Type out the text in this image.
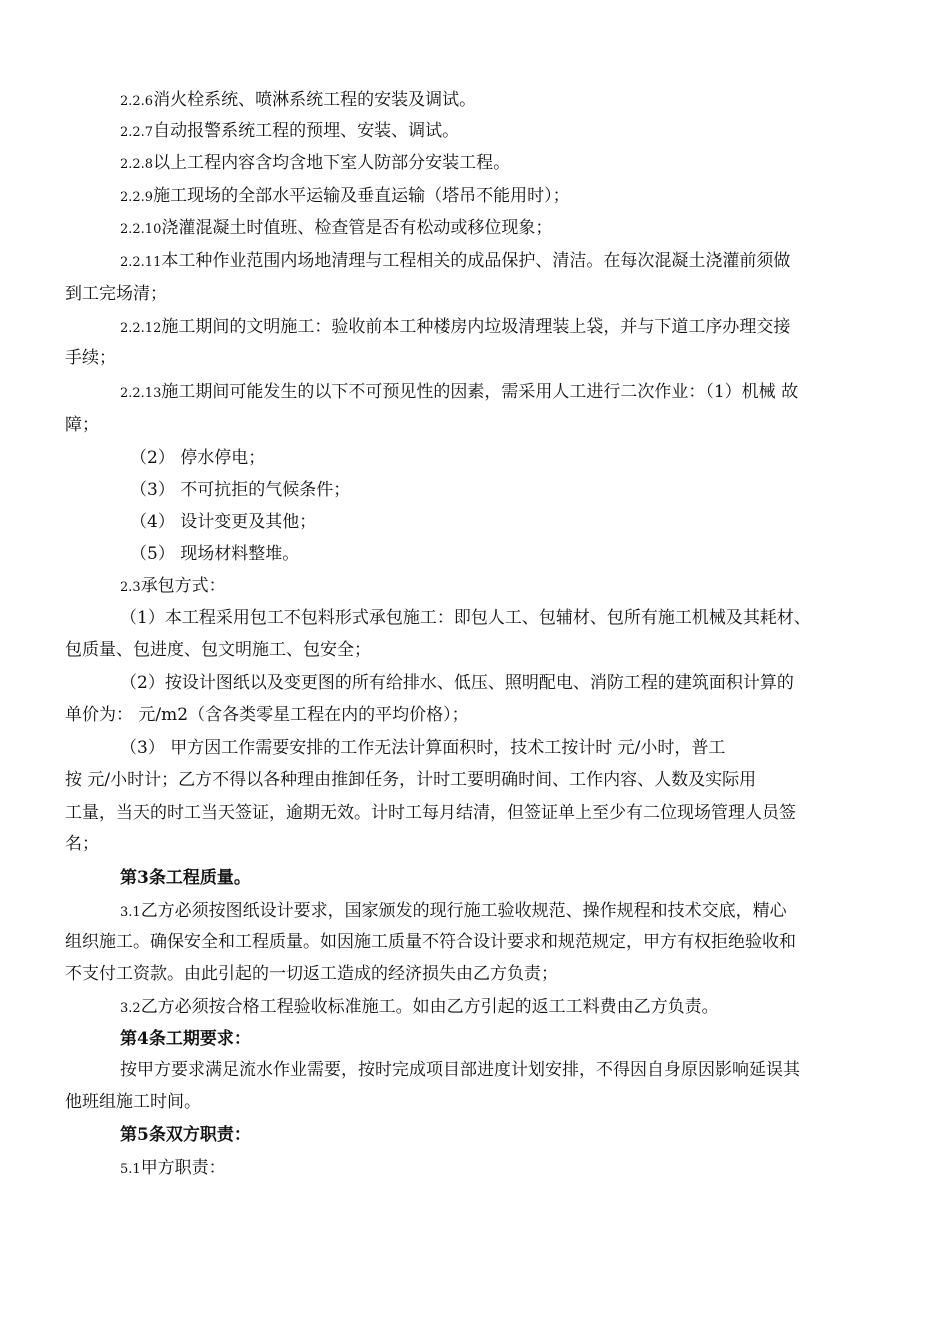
2.2.6消火栓系统、喷淋系统工程的安装及调试。
2.2.7自动报警系统工程的预埋、安装、调试。
2.2.8以上工程内容含均含地下室人防部分安装工程。
2.2.9施工现场的全部水平运输及垂直运输（塔吊不能用时）；
2.2.10浇灌混凝土时值班、检查管是否有松动或移位现象；
2.2.11本工种作业范围内场地清理与工程相关的成品保护、清洁。在每次混凝土浇灌前须做
到工完场清；
2.2.12施工期间的文明施工：验收前本工种楼房内垃圾清理装上袋，并与下道工序办理交接
手续；
2.2.13施工期间可能发生的以下不可预见性的因素，需采用人工进行二次作业：（1）机械 故
障；
（2） 停水停电；
（3） 不可抗拒的气候条件；
（4） 设计变更及其他；
（5） 现场材料整堆。
2.3承包方式：
（1）本工程采用包工不包料形式承包施工：即包人工、包辅材、包所有施工机械及其耗材、
包质量、包进度、包文明施工、包安全；
（2）按设计图纸以及变更图的所有给排水、低压、照明配电、消防工程的建筑面积计算的
单价为： 元/m2（含各类零星工程在内的平均价格）；
（3） 甲方因工作需要安排的工作无法计算面积时，技术工按计时 元/小时，普工
按 元/小时计；乙方不得以各种理由推卸任务，计时工要明确时间、工作内容、人数及实际用
工量，当天的时工当天签证，逾期无效。计时工每月结清，但签证单上至少有二位现场管理人员签
名；
第3条工程质量。
3.1乙方必须按图纸设计要求，国家颁发的现行施工验收规范、操作规程和技术交底，精心
组织施工。确保安全和工程质量。如因施工质量不符合设计要求和规范规定，甲方有权拒绝验收和
不支付工资款。由此引起的一切返工造成的经济损失由乙方负责；
3.2乙方必须按合格工程验收标准施工。如由乙方引起的返工工料费由乙方负责。
第4条工期要求：
按甲方要求满足流水作业需要，按时完成项目部进度计划安排，不得因自身原因影响延误其
他班组施工时间。
第5条双方职责：
5.1甲方职责：
